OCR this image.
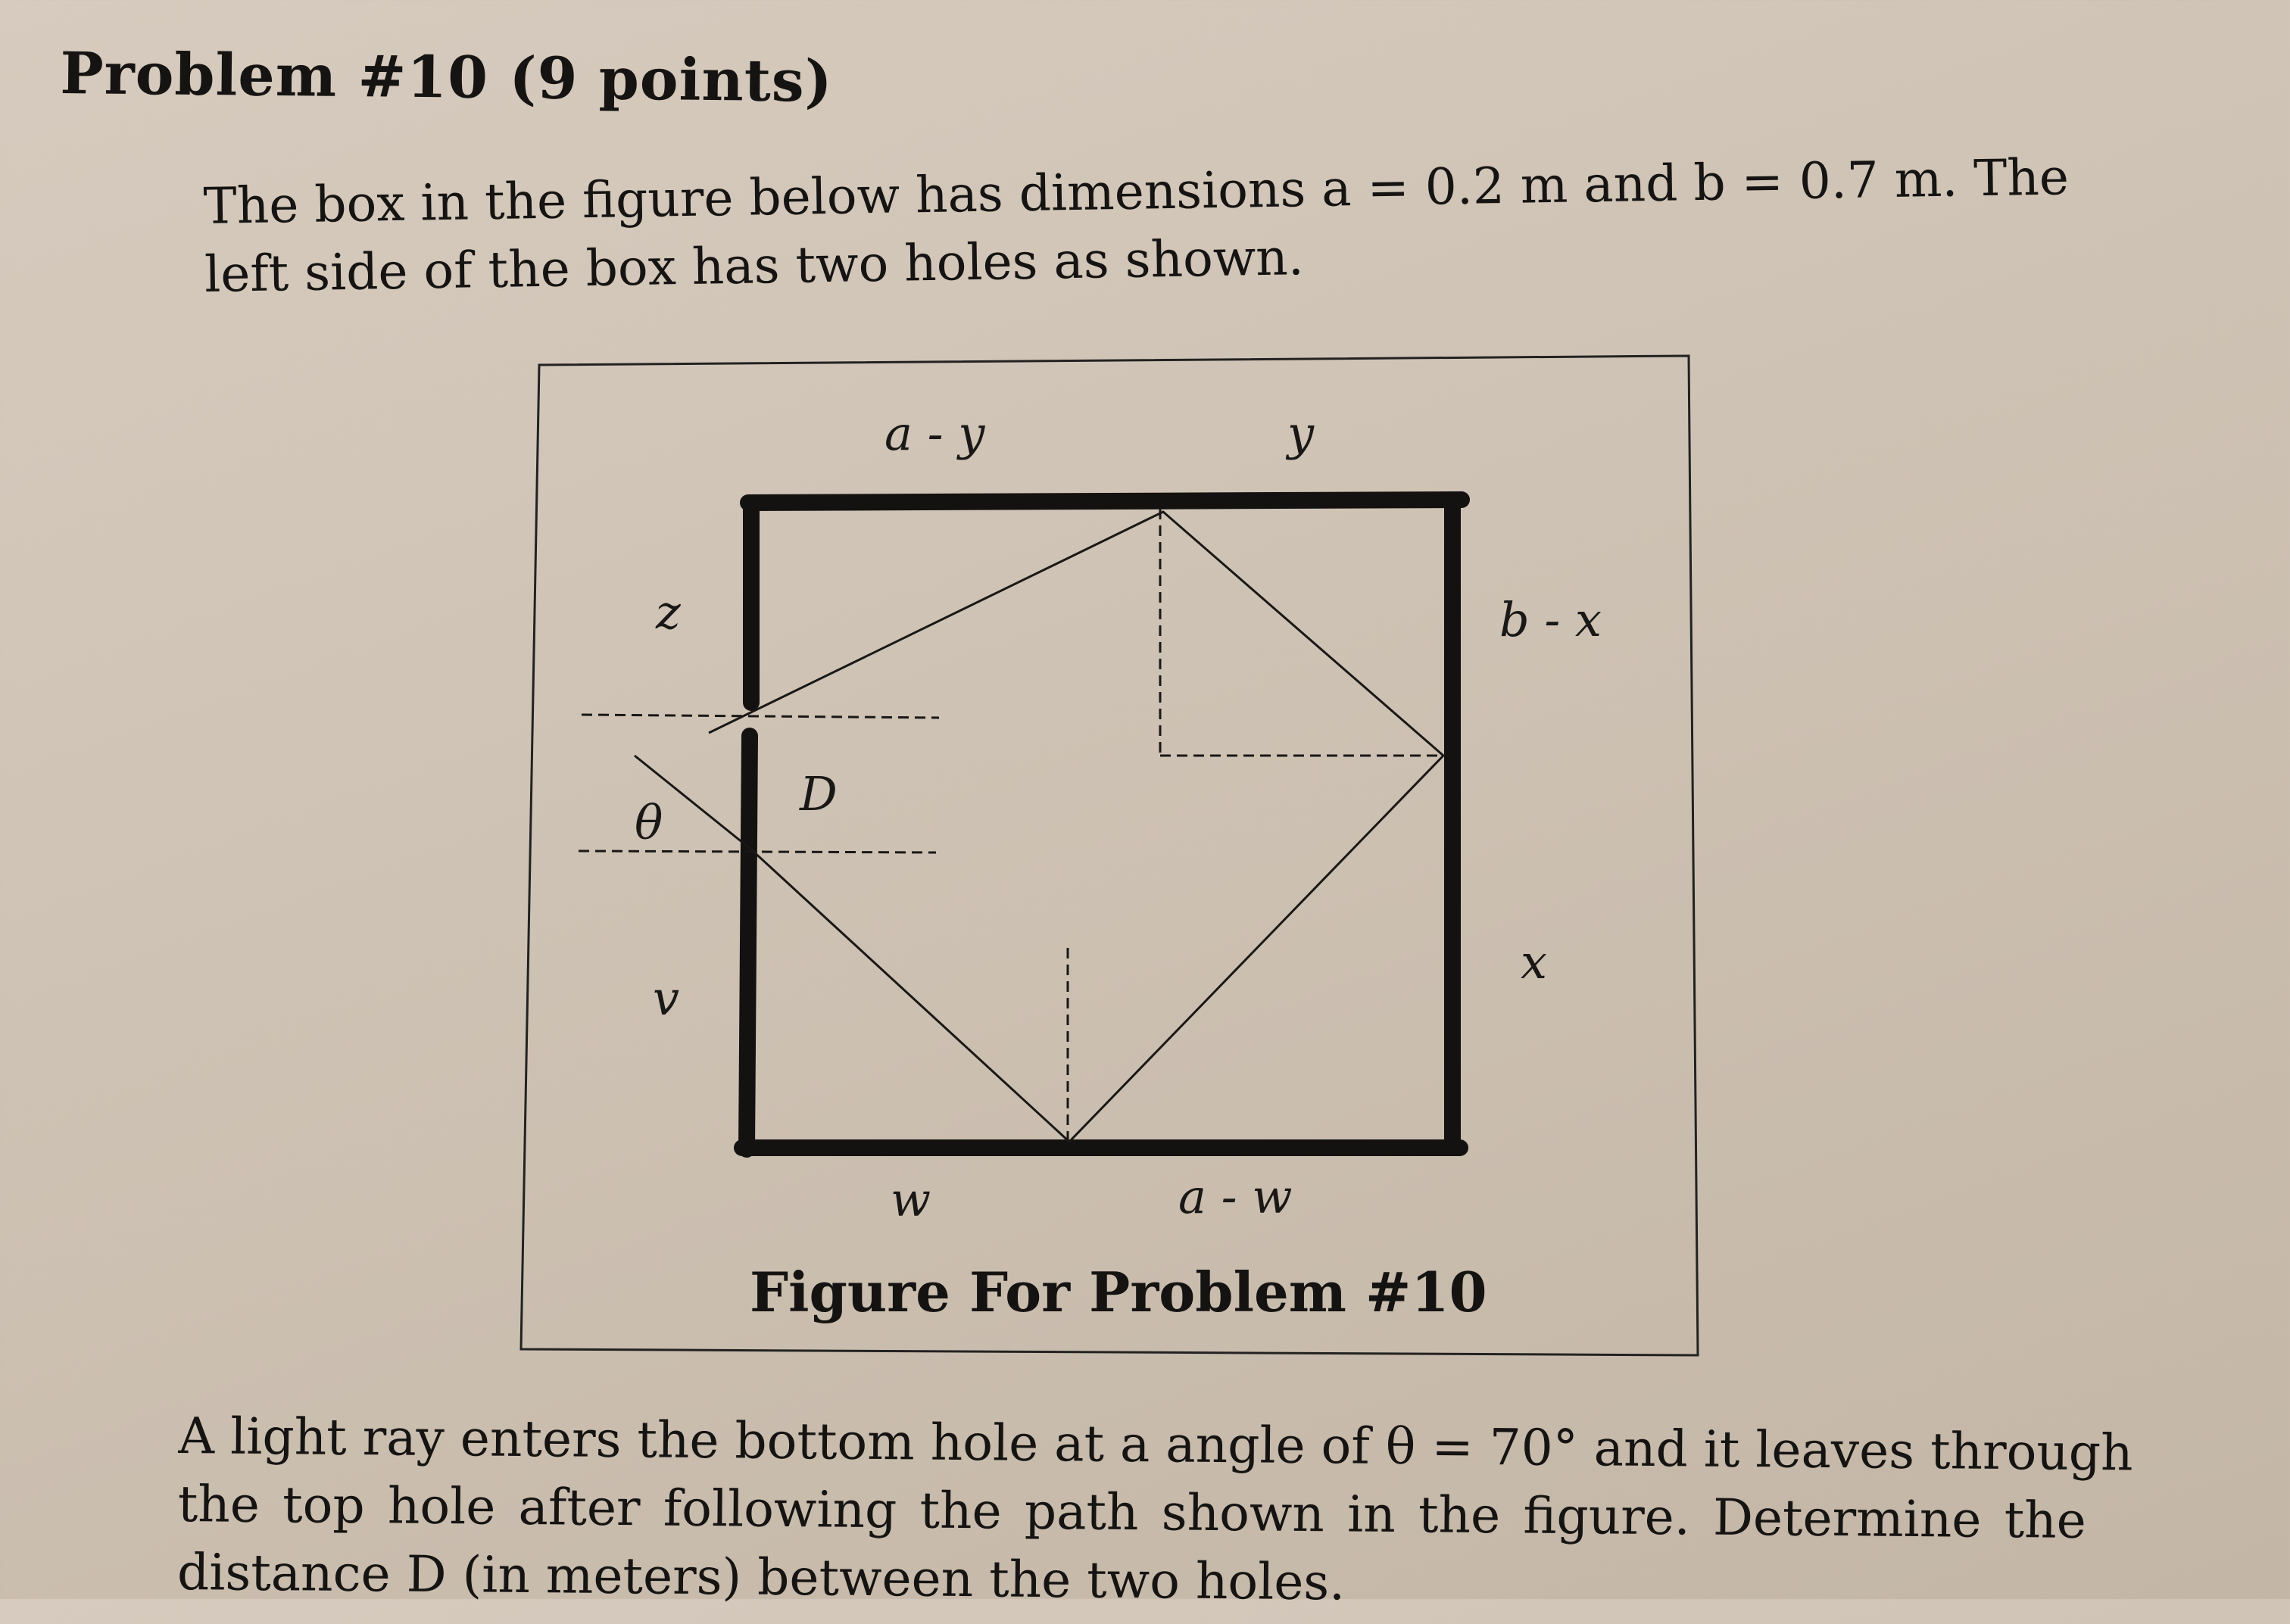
Problem #10 (9 points)

The box in the figure below has dimensions a = 0.2 m and b = 0.7 m. The
left side of the box has two holes as shown.

a - y	y
z	b - x
D
θ
x
v
w	a - w
Figure For Problem #10

A light ray enters the bottom hole at a angle of θ = 70° and it leaves through
the top hole after following the path shown in the figure. Determine the
distance D (in meters) between the two holes.
